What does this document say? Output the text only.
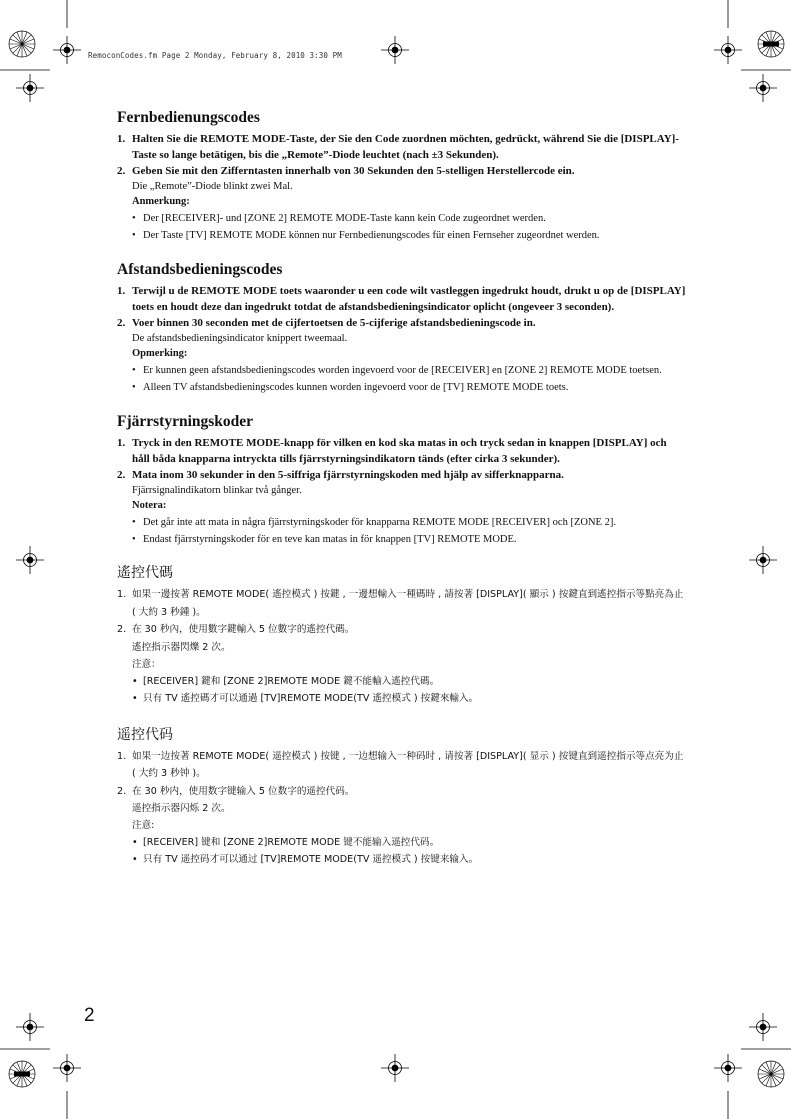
RemoconCodes.fm Page 2 Monday, February 8, 2010 3:30 PM
Fernbedienungscodes
1. Halten Sie die REMOTE MODE-Taste, der Sie den Code zuordnen möchten, gedrückt, während Sie die [DISPLAY]-Taste so lange betätigen, bis die „Remote”-Diode leuchtet (nach ±3 Sekunden).
2. Geben Sie mit den Zifferntasten innerhalb von 30 Sekunden den 5-stelligen Herstellercode ein.
Die „Remote”-Diode blinkt zwei Mal.
Anmerkung:
• Der [RECEIVER]- und [ZONE 2] REMOTE MODE-Taste kann kein Code zugeordnet werden.
• Der Taste [TV] REMOTE MODE können nur Fernbedienungscodes für einen Fernseher zugeordnet werden.
Afstandsbedieningscodes
1. Terwijl u de REMOTE MODE toets waaronder u een code wilt vastleggen ingedrukt houdt, drukt u op de [DISPLAY] toets en houdt deze dan ingedrukt totdat de afstandsbedieningsindicator oplicht (ongeveer 3 seconden).
2. Voer binnen 30 seconden met de cijfertoetsen de 5-cijferige afstandsbedieningscode in.
De afstandsbedieningsindicator knippert tweemaal.
Opmerking:
• Er kunnen geen afstandsbedieningscodes worden ingevoerd voor de [RECEIVER] en [ZONE 2] REMOTE MODE toetsen.
• Alleen TV afstandsbedieningscodes kunnen worden ingevoerd voor de [TV] REMOTE MODE toets.
Fjärrstyrningskoder
1. Tryck in den REMOTE MODE-knapp för vilken en kod ska matas in och tryck sedan in knappen [DISPLAY] och håll båda knapparna intryckta tills fjärrstyrningsindikatorn tänds (efter cirka 3 sekunder).
2. Mata inom 30 sekunder in den 5-siffriga fjärrstyrningskoden med hjälp av sifferknapparna.
Fjärrsignalindikatorn blinkar två gånger.
Notera:
• Det går inte att mata in några fjärrstyrningskoder för knapparna REMOTE MODE [RECEIVER] och [ZONE 2].
• Endast fjärrstyrningskoder för en teve kan matas in för knappen [TV] REMOTE MODE.
遙控代碼
1. 如果一邊按著 REMOTE MODE( 遙控模式 ) 按鍵 , 一邊想輸入一種碼時 , 請按著 [DISPLAY]( 顯示 ) 按鍵直到遙控指示等點亮為止 ( 大約 3 秒鍾 )。
2. 在 30 秒內，使用數字鍵輸入 5 位數字的遙控代碼。
遙控指示器閃爍 2 次。
注意：
• [RECEIVER] 鍵和 [ZONE 2]REMOTE MODE 鍵不能輸入遙控代碼。
• 只有 TV 遙控碼才可以通過 [TV]REMOTE MODE(TV 遙控模式 ) 按鍵來輸入。
遥控代码
1. 如果一边按著 REMOTE MODE( 遥控模式 ) 按键 , 一边想输入一种码时 , 请按著 [DISPLAY]( 显示 ) 按键直到遥控指示等点亮为止 ( 大约 3 秒钟 )。
2. 在 30 秒内，使用数字键输入 5 位数字的遥控代码。
遥控指示器闪烁 2 次。
注意:
• [RECEIVER] 键和 [ZONE 2]REMOTE MODE 键不能输入遥控代码。
• 只有 TV 遥控码才可以通过 [TV]REMOTE MODE(TV 遥控模式 ) 按键来输入。
2
